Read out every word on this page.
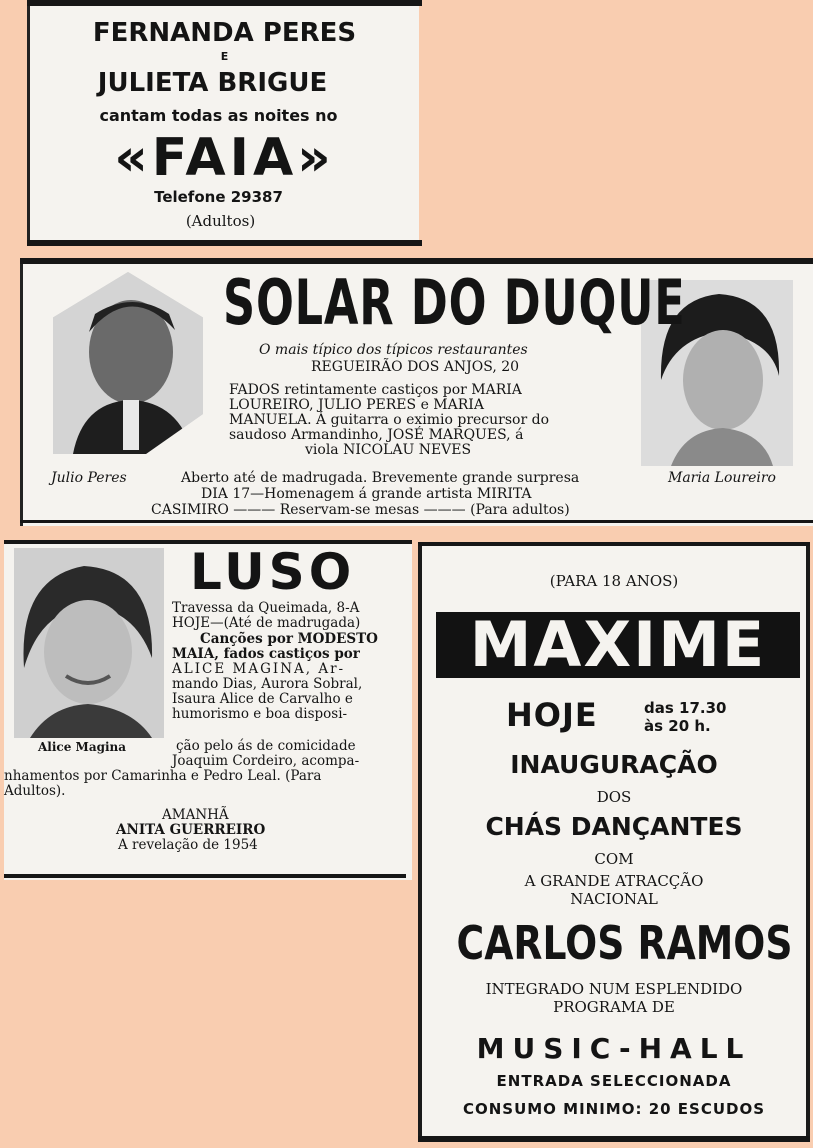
FERNANDA PERES
E
JULIETA BRIGUE
cantam todas as noites no
«FAIA»
Telefone 29387
(Adultos)
SOLAR DO DUQUE
O mais típico dos típicos restaurantes
REGUEIRÃO DOS ANJOS, 20
FADOS retintamente castiços por MARIA
LOUREIRO, JULIO PERES e MARIA
MANUELA. Á guitarra o eximio precursor do
saudoso Armandinho, JOSÉ MARQUES, á
viola NICOLAU NEVES
Julio Peres	Aberto até de madrugada. Brevemente grande surpresa	Maria Loureiro
DIA 17—Homenagem á grande artista MIRITA
CASIMIRO ——— Reservam-se mesas ——— (Para adultos)
LUSO
Travessa da Queimada, 8-A
HOJE—(Até de madrugada)
Canções por MODESTO
MAIA, fados castiços por
ALICE MAGINA, Ar-
mando Dias, Aurora Sobral,
Isaura Alice de Carvalho e
humorismo e boa disposi-
Alice Magina	ção pelo ás de comicidade
Joaquim Cordeiro, acompa-
nhamentos por Camarinha e Pedro Leal. (Para
Adultos).
AMANHÃ
ANITA GUERREIRO
A revelação de 1954
(PARA 18 ANOS)
MAXIME
HOJE	das 17.30
às 20 h.
INAUGURAÇÃO
DOS
CHÁS DANÇANTES
COM
A GRANDE ATRACÇÃO
NACIONAL
CARLOS RAMOS
INTEGRADO NUM ESPLENDIDO
PROGRAMA DE
MUSIC-HALL
ENTRADA SELECCIONADA
CONSUMO MINIMO: 20 ESCUDOS
